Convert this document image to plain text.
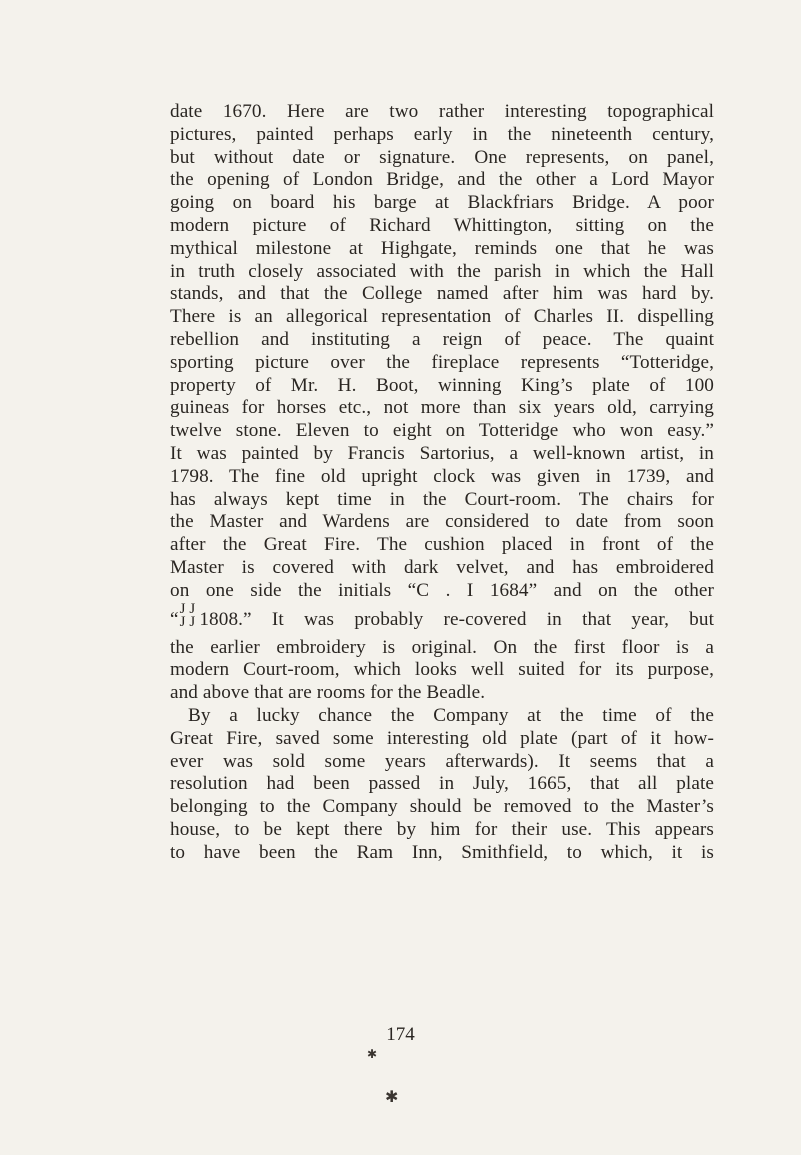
date 1670. Here are two rather interesting topographical
pictures, painted perhaps early in the nineteenth century,
but without date or signature. One represents, on panel,
the opening of London Bridge, and the other a Lord Mayor
going on board his barge at Blackfriars Bridge. A poor
modern picture of Richard Whittington, sitting on the
mythical milestone at Highgate, reminds one that he was
in truth closely associated with the parish in which the Hall
stands, and that the College named after him was hard by.
There is an allegorical representation of Charles II. dispelling
rebellion and instituting a reign of peace. The quaint
sporting picture over the fireplace represents “Totteridge,
property of Mr. H. Boot, winning King’s plate of 100
guineas for horses etc., not more than six years old, carrying
twelve stone. Eleven to eight on Totteridge who won easy.”
It was painted by Francis Sartorius, a well-known artist, in
1798. The fine old upright clock was given in 1739, and
has always kept time in the Court-room. The chairs for
the Master and Wardens are considered to date from soon
after the Great Fire. The cushion placed in front of the
Master is covered with dark velvet, and has embroidered
on one side the initials “C . I 1684” and on the other
“ J J
J J 1808.” It was probably re-covered in that year, but
the earlier embroidery is original. On the first floor is a
modern Court-room, which looks well suited for its purpose,
and above that are rooms for the Beadle.
By a lucky chance the Company at the time of the
Great Fire, saved some interesting old plate (part of it how-
ever was sold some years afterwards). It seems that a
resolution had been passed in July, 1665, that all plate
belonging to the Company should be removed to the Master’s
house, to be kept there by him for their use. This appears
to have been the Ram Inn, Smithfield, to which, it is
174
✱
✱
